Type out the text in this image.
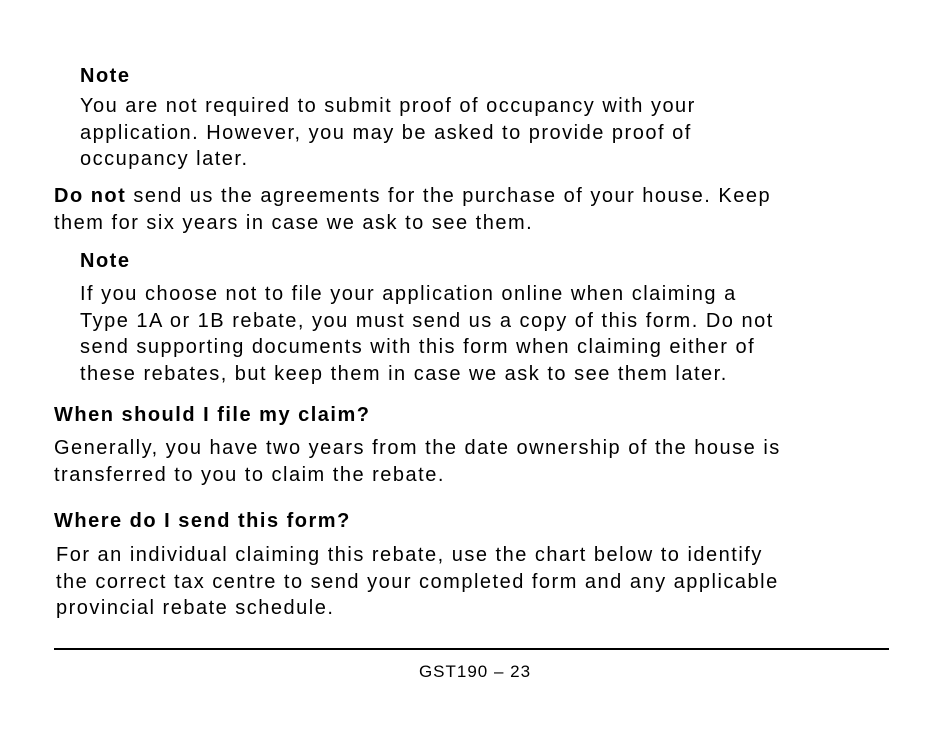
Note
You are not required to submit proof of occupancy with your
application. However, you may be asked to provide proof of
occupancy later.
Do not send us the agreements for the purchase of your house. Keep
them for six years in case we ask to see them.
Note
If you choose not to file your application online when claiming a
Type 1A or 1B rebate, you must send us a copy of this form. Do not
send supporting documents with this form when claiming either of
these rebates, but keep them in case we ask to see them later.
When should I file my claim?
Generally, you have two years from the date ownership of the house is
transferred to you to claim the rebate.
Where do I send this form?
For an individual claiming this rebate, use the chart below to identify
the correct tax centre to send your completed form and any applicable
provincial rebate schedule.
GST190 – 23
